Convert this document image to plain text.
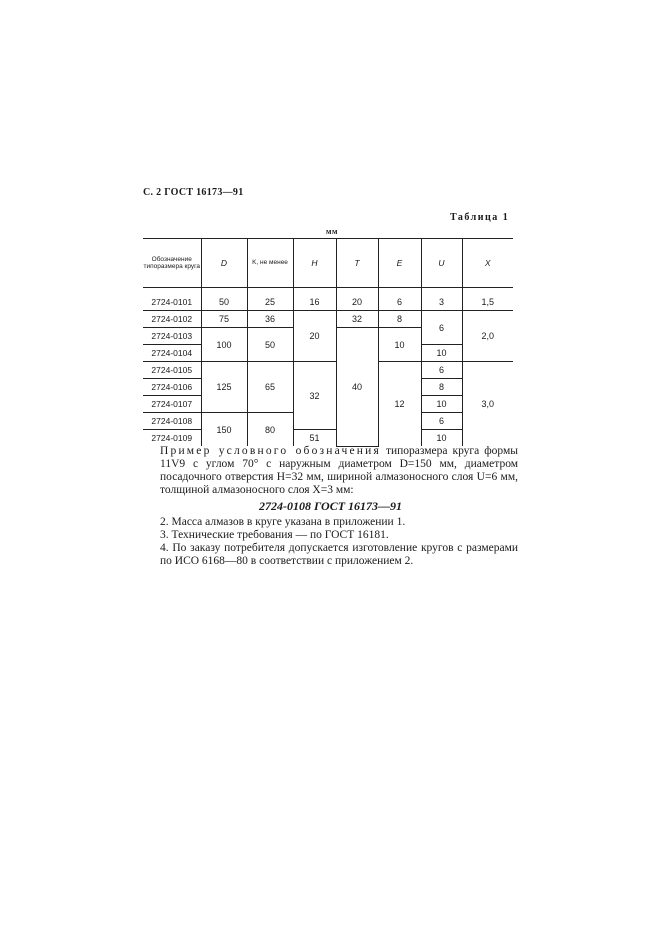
С. 2 ГОСТ 16173—91
Таблица 1
мм
Обозначение типоразмера круга	D	K, не менее	H	T	E	U	X

2724-0101	50	25	16	20	6	3	1,5
2724-0102	75	36	20	32	8	6	2,0
2724-0103	100	50		40	10		
2724-0104						10	
2724-0105	125	65	32		12	6	3,0
2724-0106						8	
2724-0107						10	
2724-0108	150	80				6	
2724-0109			51			10	
Пример условного обозначения типоразмера круга формы 11V9 с углом 70° с наружным диаметром D=150 мм, диаметром посадочного отверстия H=32 мм, шириной алмазоносного слоя U=6 мм, толщиной алмазоносного слоя X=3 мм:
2724-0108 ГОСТ 16173—91
2. Масса алмазов в круге указана в приложении 1.
3. Технические требования — по ГОСТ 16181.
4. По заказу потребителя допускается изготовление кругов с размерами по ИСО 6168—80 в соответствии с приложением 2.
